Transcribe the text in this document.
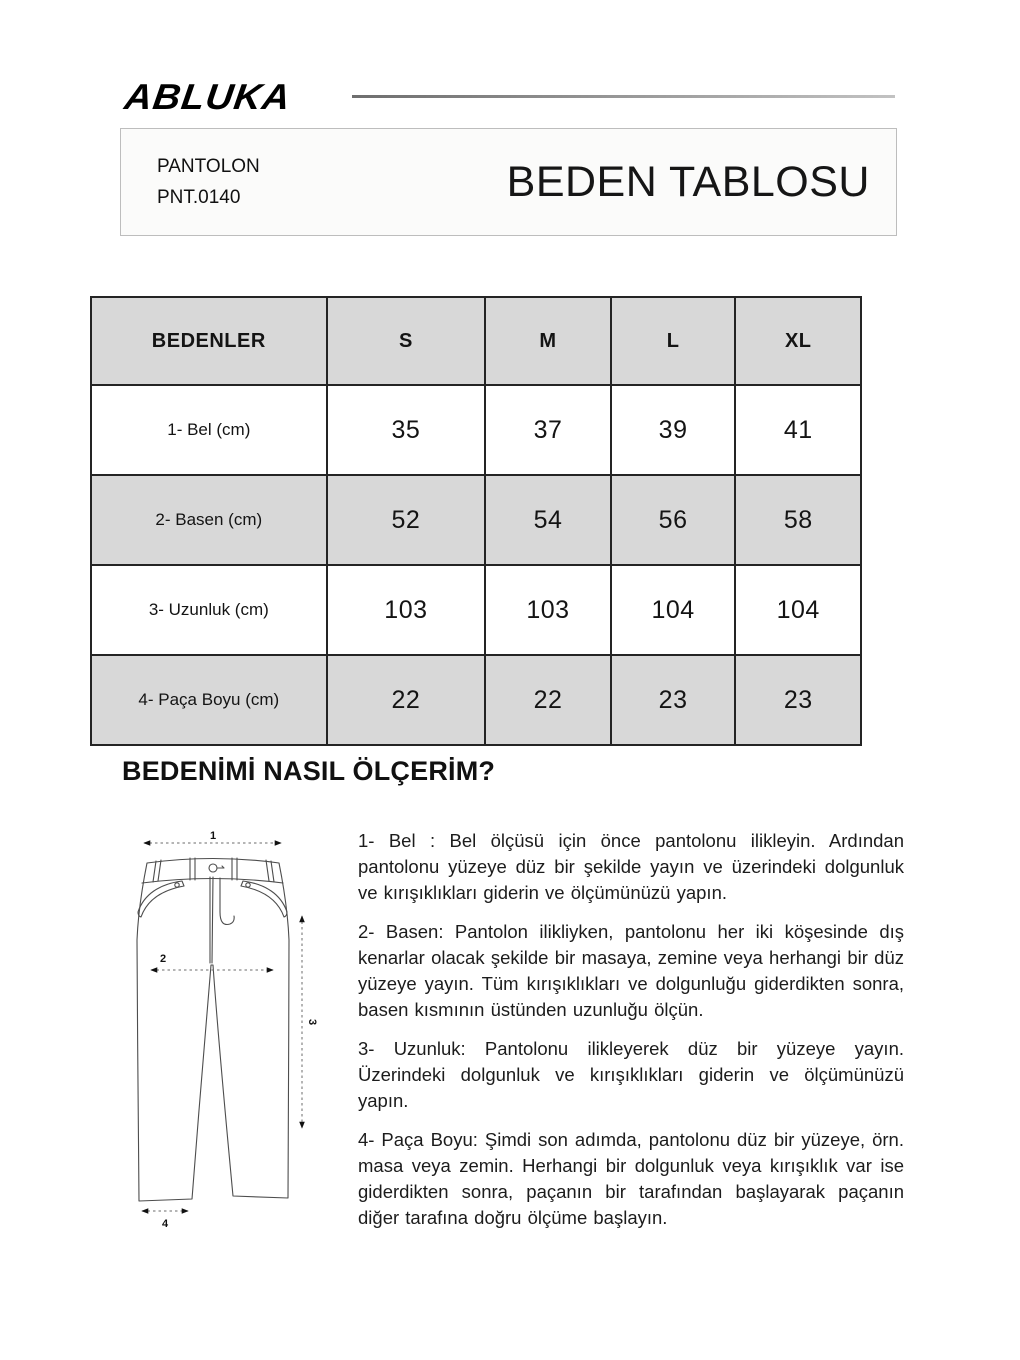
ABLUKA
PANTOLON
PNT.0140	BEDEN TABLOSU
BEDENLER	S	M	L	XL
1- Bel (cm)	35	37	39	41
2- Basen (cm)	52	54	56	58
3- Uzunluk (cm)	103	103	104	104
4- Paça Boyu (cm)	22	22	23	23
BEDENİMİ NASIL ÖLÇERİM?
1
2
3
4

1- Bel : Bel ölçüsü için önce pantolonu ilikleyin. Ardından pantolonu yüzeye düz bir şekilde yayın ve üzerindeki dolgunluk ve kırışıklıkları giderin ve ölçümünüzü yapın.

2- Basen: Pantolon ilikliyken, pantolonu her iki köşesinde dış kenarlar olacak şekilde bir masaya, zemine veya herhangi bir düz yüzeye yayın. Tüm kırışıklıkları ve dolgunluğu giderdikten sonra, basen kısmının üstünden uzunluğu ölçün.

3- Uzunluk: Pantolonu ilikleyerek düz bir yüzeye yayın. Üzerindeki dolgunluk ve kırışıklıkları giderin ve ölçümünüzü yapın.

4- Paça Boyu: Şimdi son adımda, pantolonu düz bir yüzeye, örn. masa veya zemin. Herhangi bir dolgunluk veya kırışıklık var ise giderdikten sonra, paçanın bir tarafından başlayarak paçanın diğer tarafına doğru ölçüme başlayın.
